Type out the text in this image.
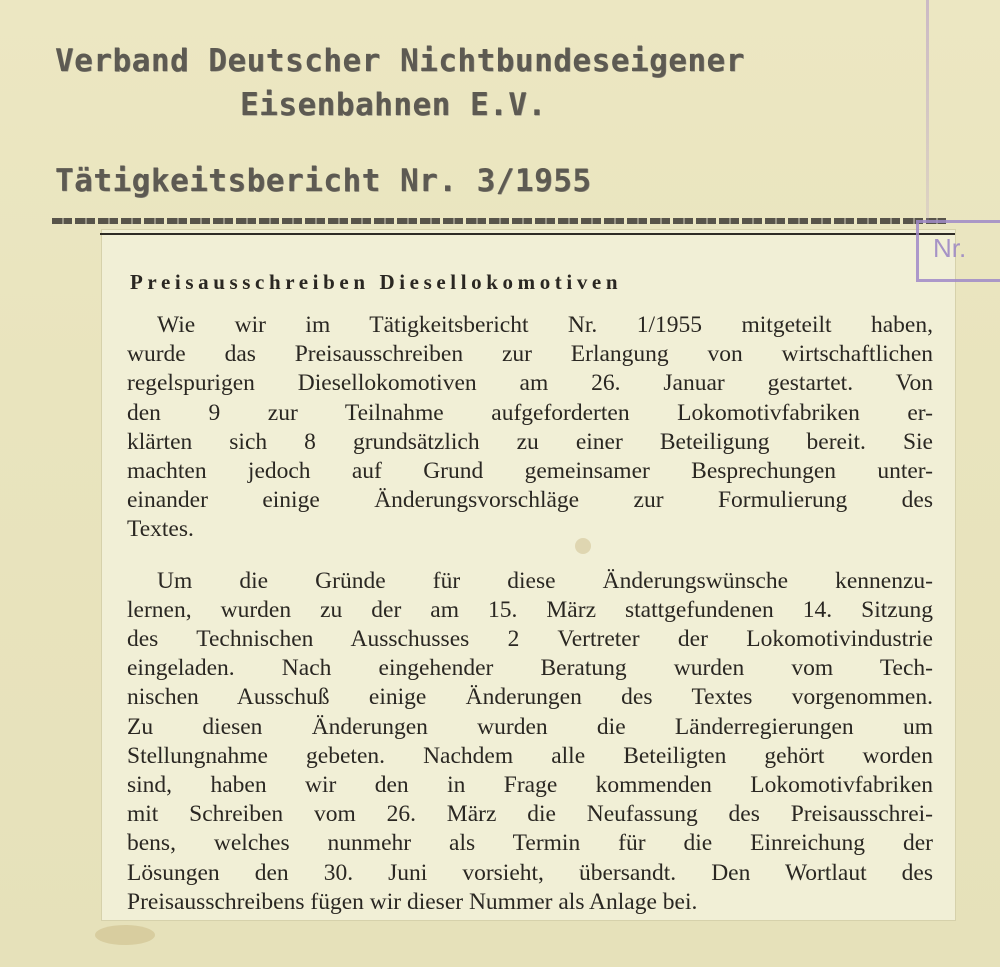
Verband Deutscher Nichtbundeseigener
Eisenbahnen E.V.
Tätigkeitsbericht Nr. 3/1955
Nr.
Preisausschreiben Diesellokomotiven
Wie wir im Tätigkeitsbericht Nr. 1/1955 mitgeteilt haben,
wurde das Preisausschreiben zur Erlangung von wirtschaftlichen
regelspurigen Diesellokomotiven am 26. Januar gestartet. Von
den 9 zur Teilnahme aufgeforderten Lokomotivfabriken er-
klärten sich 8 grundsätzlich zu einer Beteiligung bereit. Sie
machten jedoch auf Grund gemeinsamer Besprechungen unter-
einander einige Änderungsvorschläge zur Formulierung des
Textes.
Um die Gründe für diese Änderungswünsche kennenzu-
lernen, wurden zu der am 15. März stattgefundenen 14. Sitzung
des Technischen Ausschusses 2 Vertreter der Lokomotivindustrie
eingeladen. Nach eingehender Beratung wurden vom Tech-
nischen Ausschuß einige Änderungen des Textes vorgenommen.
Zu diesen Änderungen wurden die Länderregierungen um
Stellungnahme gebeten. Nachdem alle Beteiligten gehört worden
sind, haben wir den in Frage kommenden Lokomotivfabriken
mit Schreiben vom 26. März die Neufassung des Preisausschrei-
bens, welches nunmehr als Termin für die Einreichung der
Lösungen den 30. Juni vorsieht, übersandt. Den Wortlaut des
Preisausschreibens fügen wir dieser Nummer als Anlage bei.
